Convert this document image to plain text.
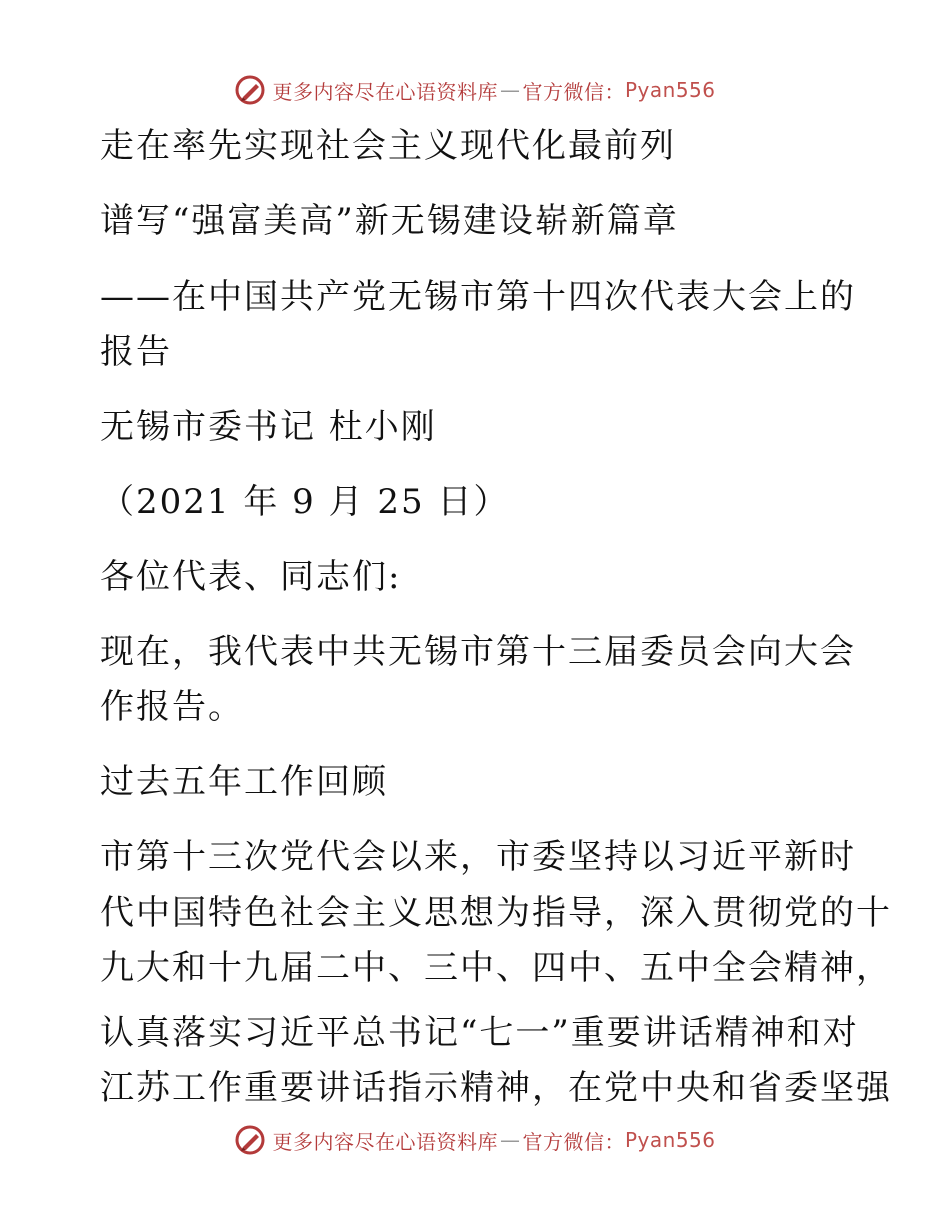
更多内容尽在心语资料库 — 官方微信： Pyan556
走在率先实现社会主义现代化最前列
谱写“强富美高”新无锡建设崭新篇章
——在中国共产党无锡市第十四次代表大会上的
报告
无锡市委书记 杜小刚
（2021 年 9 月 25 日）
各位代表、同志们:
现在，我代表中共无锡市第十三届委员会向大会
作报告。
过去五年工作回顾
市第十三次党代会以来，市委坚持以习近平新时
代中国特色社会主义思想为指导，深入贯彻党的十
九大和十九届二中、三中、四中、五中全会精神，
认真落实习近平总书记“七一”重要讲话精神和对
江苏工作重要讲话指示精神，在党中央和省委坚强
更多内容尽在心语资料库 — 官方微信： Pyan556
